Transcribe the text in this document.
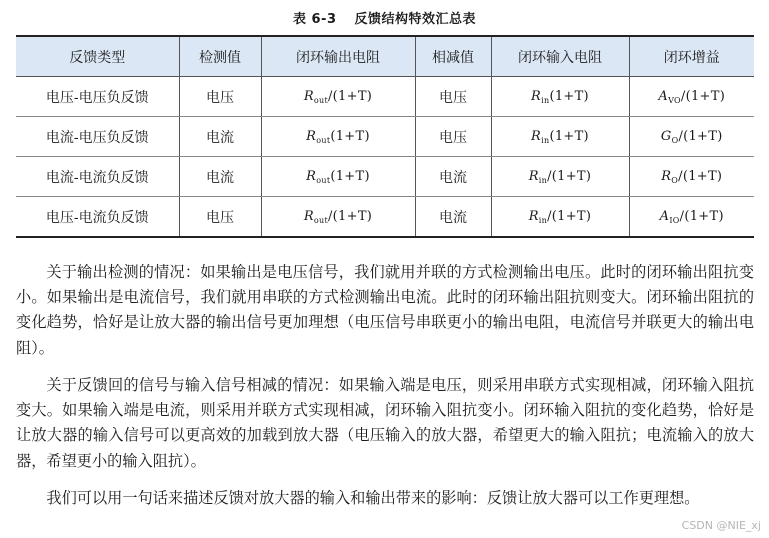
表 6-3 反馈结构特效汇总表
反馈类型	检测值	闭环输出电阻	相减值	闭环输入电阻	闭环增益
电压-电压负反馈	电压	$R_{out}/(1+T)$	电压	$R_{in}(1+T)$	$A_{VO}/(1+T)$
电流-电压负反馈	电流	$R_{out}(1+T)$	电压	$R_{in}(1+T)$	$G_O/(1+T)$
电流-电流负反馈	电流	$R_{out}(1+T)$	电流	$R_{in}/(1+T)$	$R_O/(1+T)$
电压-电流负反馈	电压	$R_{out}/(1+T)$	电流	$R_{in}/(1+T)$	$A_{IO}/(1+T)$

关于输出检测的情况：如果输出是电压信号，我们就用并联的方式检测输出电压。此时的闭环输出阻抗变小。如果输出是电流信号，我们就用串联的方式检测输出电流。此时的闭环输出阻抗则变大。闭环输出阻抗的变化趋势，恰好是让放大器的输出信号更加理想（电压信号串联更小的输出电阻，电流信号并联更大的输出电阻）。

关于反馈回的信号与输入信号相减的情况：如果输入端是电压，则采用串联方式实现相减，闭环输入阻抗变大。如果输入端是电流，则采用并联方式实现相减，闭环输入阻抗变小。闭环输入阻抗的变化趋势，恰好是让放大器的输入信号可以更高效的加载到放大器（电压输入的放大器，希望更大的输入阻抗；电流输入的放大器，希望更小的输入阻抗）。

我们可以用一句话来描述反馈对放大器的输入和输出带来的影响：反馈让放大器可以工作更理想。

CSDN @NIE_xj
